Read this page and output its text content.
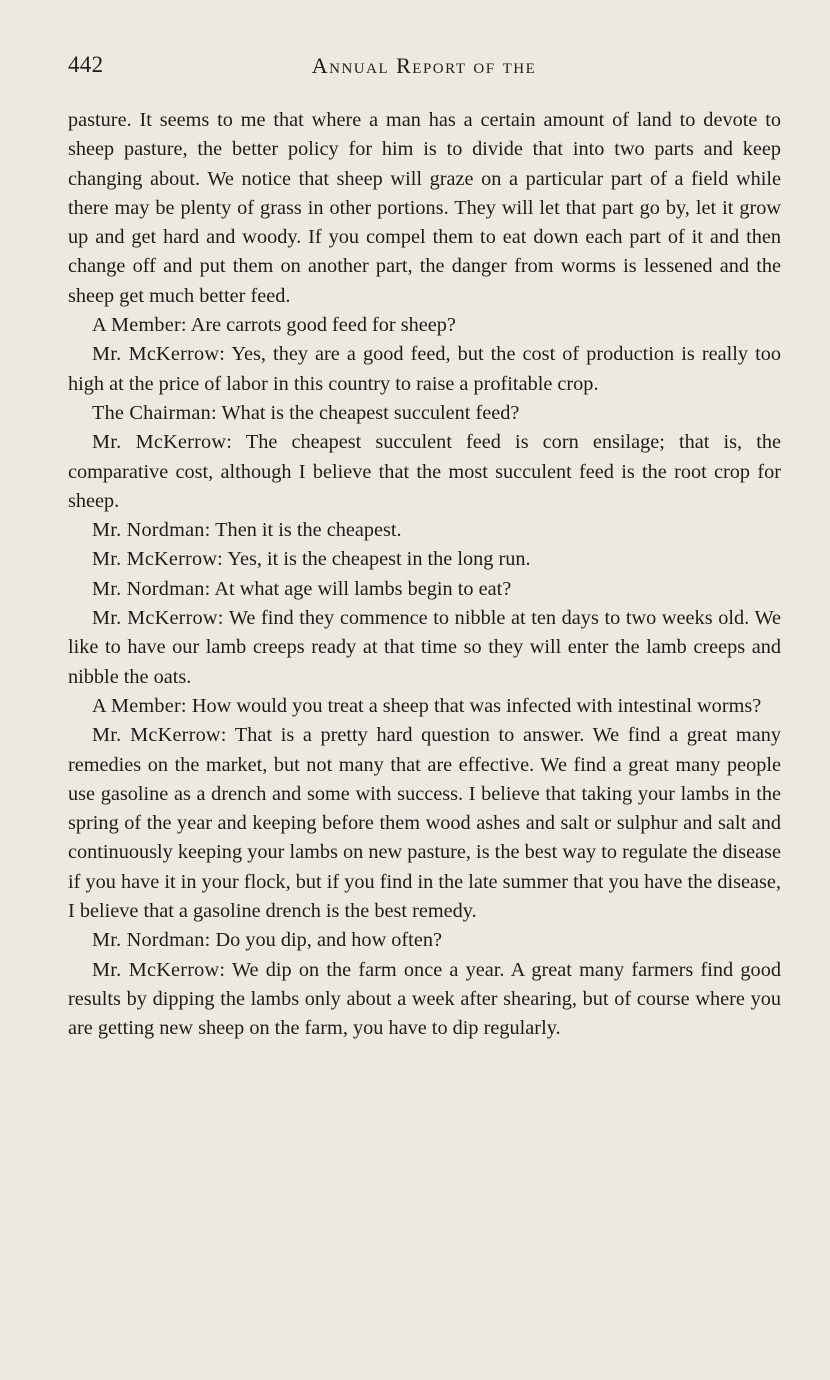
442	Annual Report of the

pasture. It seems to me that where a man has a certain amount of land to devote to sheep pasture, the better policy for him is to divide that into two parts and keep changing about. We notice that sheep will graze on a particular part of a field while there may be plenty of grass in other portions. They will let that part go by, let it grow up and get hard and woody. If you compel them to eat down each part of it and then change off and put them on another part, the danger from worms is lessened and the sheep get much better feed.

A Member: Are carrots good feed for sheep?

Mr. McKerrow: Yes, they are a good feed, but the cost of production is really too high at the price of labor in this country to raise a profitable crop.

The Chairman: What is the cheapest succulent feed?

Mr. McKerrow: The cheapest succulent feed is corn ensilage; that is, the comparative cost, although I believe that the most succulent feed is the root crop for sheep.

Mr. Nordman: Then it is the cheapest.

Mr. McKerrow: Yes, it is the cheapest in the long run.

Mr. Nordman: At what age will lambs begin to eat?

Mr. McKerrow: We find they commence to nibble at ten days to two weeks old. We like to have our lamb creeps ready at that time so they will enter the lamb creeps and nibble the oats.

A Member: How would you treat a sheep that was infected with intestinal worms?

Mr. McKerrow: That is a pretty hard question to answer. We find a great many remedies on the market, but not many that are effective. We find a great many people use gasoline as a drench and some with success. I believe that taking your lambs in the spring of the year and keeping before them wood ashes and salt or sulphur and salt and continuously keeping your lambs on new pasture, is the best way to regulate the disease if you have it in your flock, but if you find in the late summer that you have the disease, I believe that a gasoline drench is the best remedy.

Mr. Nordman: Do you dip, and how often?

Mr. McKerrow: We dip on the farm once a year. A great many farmers find good results by dipping the lambs only about a week after shearing, but of course where you are getting new sheep on the farm, you have to dip regularly.
